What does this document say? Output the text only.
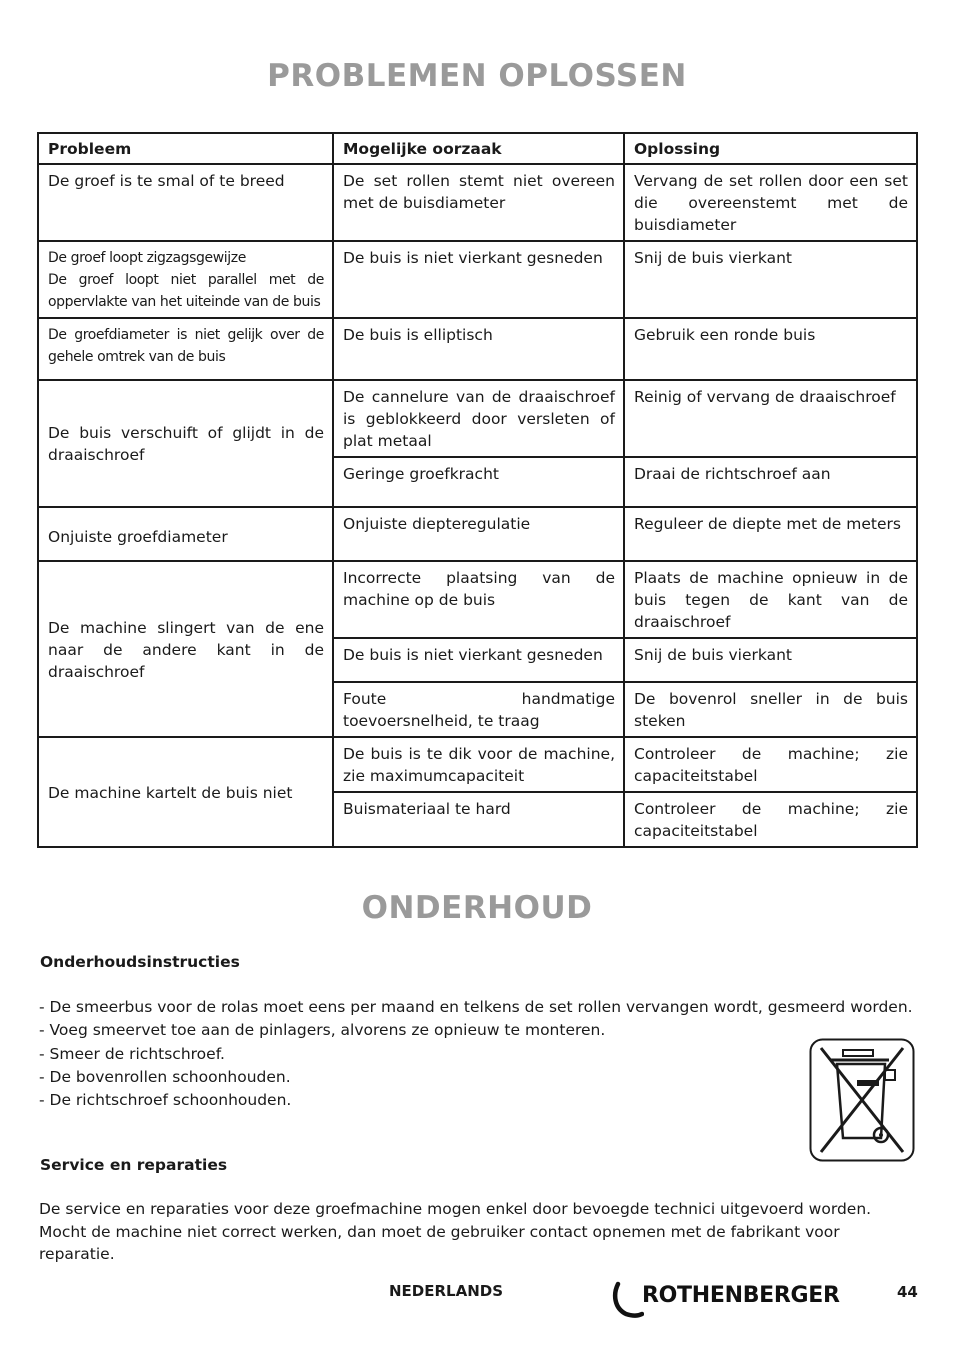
PROBLEMEN OPLOSSEN
Probleem	Mogelijke oorzaak	Oplossing
De groef is te smal of te breed	De set rollen stemt niet overeen met de buisdiameter	Vervang de set rollen door een set die overeenstemt met de buisdiameter

De groef loopt zigzagsgewijze
De groef loopt niet parallel met de oppervlakte van het uiteinde van de buis	De buis is niet vierkant gesneden	Snij de buis vierkant
De groefdiameter is niet gelijk over de gehele omtrek van de buis	De buis is elliptisch	Gebruik een ronde buis
De buis verschuift of glijdt in de draaischroef	De cannelure van de draaischroef is geblokkeerd door versleten of plat metaal	Reinig of vervang de draaischroef
	Geringe groefkracht	Draai de richtschroef aan
Onjuiste groefdiameter	Onjuiste diepteregulatie	Reguleer de diepte met de meters
De machine slingert van de ene naar de andere kant in de draaischroef	Incorrecte plaatsing van de machine op de buis	Plaats de machine opnieuw in de buis tegen de kant van de draaischroef
	De buis is niet vierkant gesneden	Snij de buis vierkant
	Foute handmatige toevoersnelheid, te traag	De bovenrol sneller in de buis steken
De machine kartelt de buis niet	De buis is te dik voor de machine, zie maximumcapaciteit	Controleer de machine; zie capaciteitstabel
	Buismateriaal te hard	Controleer de machine; zie capaciteitstabel
ONDERHOUD
Onderhoudsinstructies
- De smeerbus voor de rolas moet eens per maand en telkens de set rollen vervangen wordt, gesmeerd worden.
- Voeg smeervet toe aan de pinlagers, alvorens ze opnieuw te monteren.
- Smeer de richtschroef.
- De bovenrollen schoonhouden.
- De richtschroef schoonhouden.
Service en reparaties

De service en reparaties voor deze groefmachine mogen enkel door bevoegde technici uitgevoerd worden. Mocht de machine niet correct werken, dan moet de gebruiker contact opnemen met de fabrikant voor reparatie.

NEDERLANDS	ROTHENBERGER	44
